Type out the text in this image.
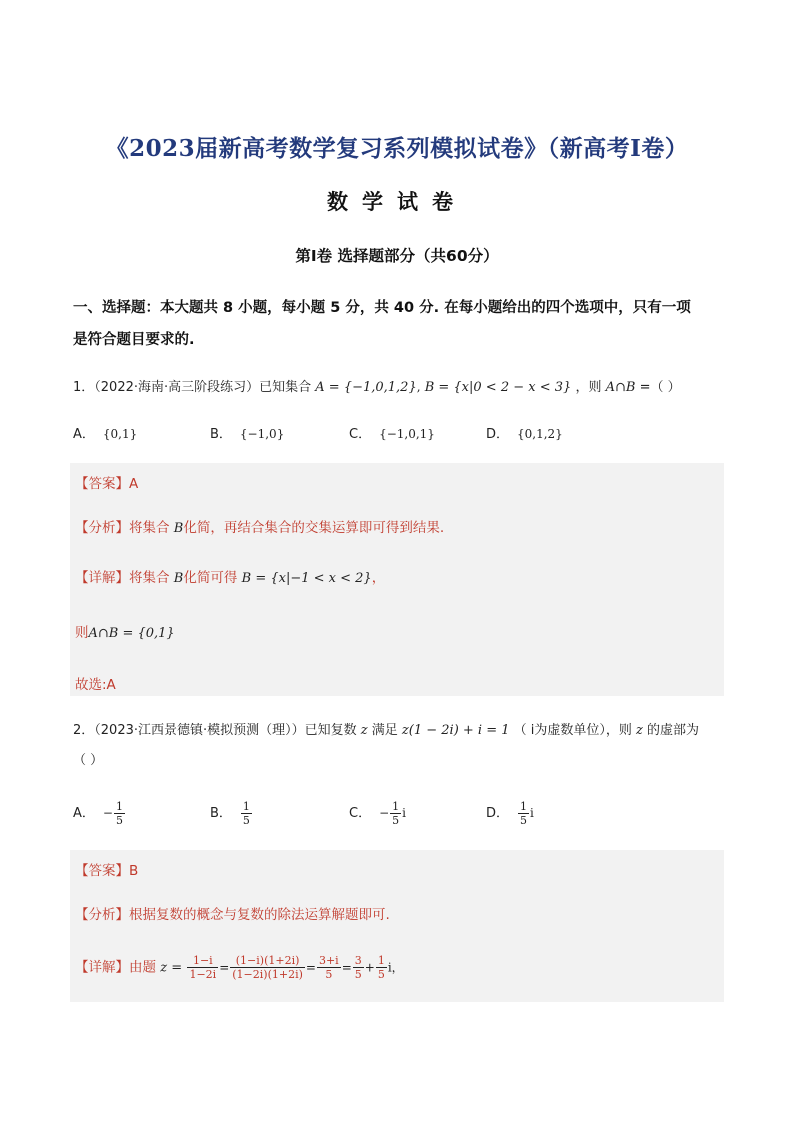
《2023届新高考数学复习系列模拟试卷》（新高考I卷）
数学试卷
第Ⅰ卷 选择题部分（共60分）
一、选择题：本大题共 8 小题，每小题 5 分，共 40 分. 在每小题给出的四个选项中，只有一项
是符合题目要求的.
1．（2022·海南·高三阶段练习）已知集合 A = {−1,0,1,2}, B = {x|0 < 2 − x < 3} ，则 A∩B =（ ）
A． {0,1}	B． {−1,0}	C． {−1,0,1}	D． {0,1,2}
【答案】A
【分析】将集合 B化简，再结合集合的交集运算即可得到结果.
【详解】将集合 B化简可得 B = {x|−1 < x < 2}，
则A∩B = {0,1}
故选:A
2．（2023·江西景德镇·模拟预测（理））已知复数 z 满足 z(1 − 2i) + i = 1 （ i为虚数单位），则 z 的虚部为
（ ）
A． − $\frac{1}{5}$	B． $\frac{1}{5}$	C． − $\frac{1}{5}$ i	D． $\frac{1}{5}$ i
【答案】B
【分析】根据复数的概念与复数的除法运算解题即可.
【详解】由题 $z = \frac{1-i}{1-2i} = \frac{(1-i)(1+2i)}{(1-2i)(1+2i)} = \frac{3+i}{5} = \frac{3}{5} + \frac{1}{5}$ i，
